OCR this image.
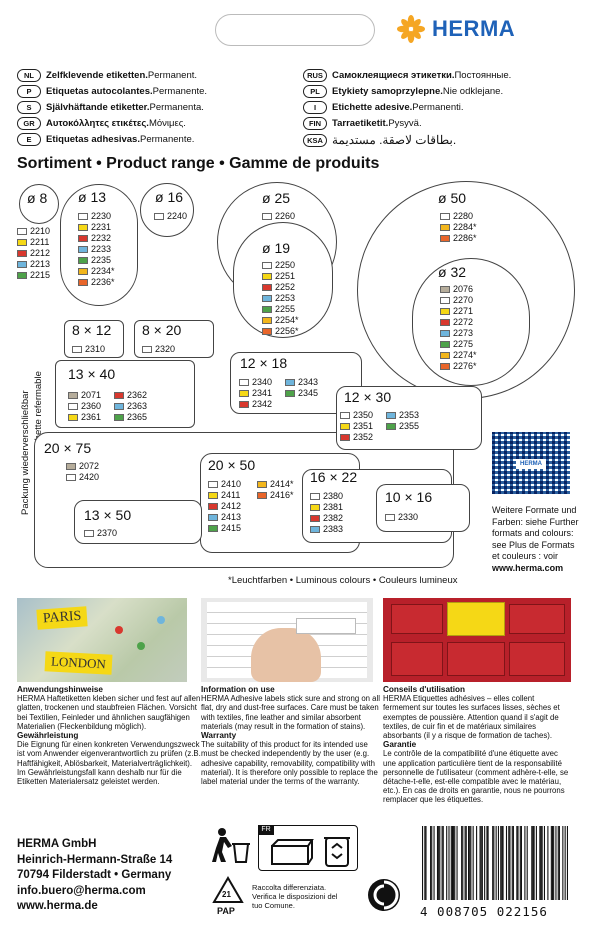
HERMA
NL	Zelfklevende etiketten. Permanent.
P	Etiquetas autocolantes. Permanente.
S	Självhäftande etiketter. Permanenta.
GR	Αυτοκόλλητες ετικέτες. Μόνιμες.
E	Etiquetas adhesivas. Permanente.
RUS Самоклеящиеся этикетки. Постоянные.
PL	Etykiety samoprzylepne. Nie odklejane.
I	Etichette adesive. Permanenti.
FIN	Tarraetiketit. Pysyvä.
KSA بطاقات لاصقة. مستديمة.
Sortiment • Product range • Gamme de produits
Packung wiederverschließbar
ø 8
2210
2211
2212
2213
2215
ø 13
2230
2231
2232
2233
2235
2234*
2236*
ø 16
2240
ø 25
2260
ø 19
2250
2251
2252
2253
2255
2254*
2256*
ø 50
2280
2284*
2286*
ø 32
2076
2270
2271
2272
2273
2275
2274*
2276*
8 × 12
2310
8 × 20
2320
12 × 18
2340	2343
2341	2345
2342
13 × 40
2071	2362
2360	2363
2361	2365
12 × 30
2350	2353
2351	2355
2352
20 × 75
2072
2420
20 × 50
2410	2414*
2411	2416*
2412
2413
2415
16 × 22
2380
2381
2382
2383
10 × 16
2330
13 × 50
2370
HERMA
Weitere Formate und Farben: siehe Further formats and colours: see Plus de Formats et couleurs : voir
www.herma.com
*Leuchtfarben • Luminous colours • Couleurs lumineux
PARIS
LONDON
Anwendungshinweise
HERMA Haftetiketten kleben sicher und fest auf allen glatten, trockenen und staubfreien Flächen. Vorsicht bei Textilien, Feinleder und ähnlichen saugfähigen Materialien (Fleckenbildung möglich).
Gewährleistung
Die Eignung für einen konkreten Verwendungszweck ist vom Anwender eigenverantwortlich zu prüfen (z.B. Haftfähigkeit, Ablösbarkeit, Materialverträglichkeit). Im Gewährleistungsfall kann deshalb nur für die Etiketten Materialersatz geleistet werden.
Information on use
HERMA Adhesive labels stick sure and strong on all flat, dry and dust-free surfaces. Care must be taken with textiles, fine leather and similar absorbent materials (may result in the formation of stains).
Warranty
The suitability of this product for its intended use must be checked independently by the user (e.g. adhesive capability, removability, compatibility with material). It is therefore only possible to replace the label material under the terms of the warranty.
Conseils d'utilisation
HERMA Etiquettes adhésives – elles collent fermement sur toutes les surfaces lisses, sèches et exemptes de poussière. Attention quand il s'agit de textiles, de cuir fin et de matériaux similaires absorbants (il y a risque de formation de taches).
Garantie
Le contrôle de la compatibilité d'une étiquette avec une application particulière tient de la responsabilité personnelle de l'utilisateur (comment adhère-t-elle, se détache-t-elle, est-elle compatible avec le matériau, etc.). En cas de droits en garantie, nous ne pourrons remplacer que les étiquettes.
HERMA GmbH
Heinrich-Hermann-Straße 14
70794 Filderstadt • Germany
info.buero@herma.com
www.herma.de
FR
21
PAP
Raccolta differenziata. Verifica le disposizioni del tuo Comune.	4 008705 022156
